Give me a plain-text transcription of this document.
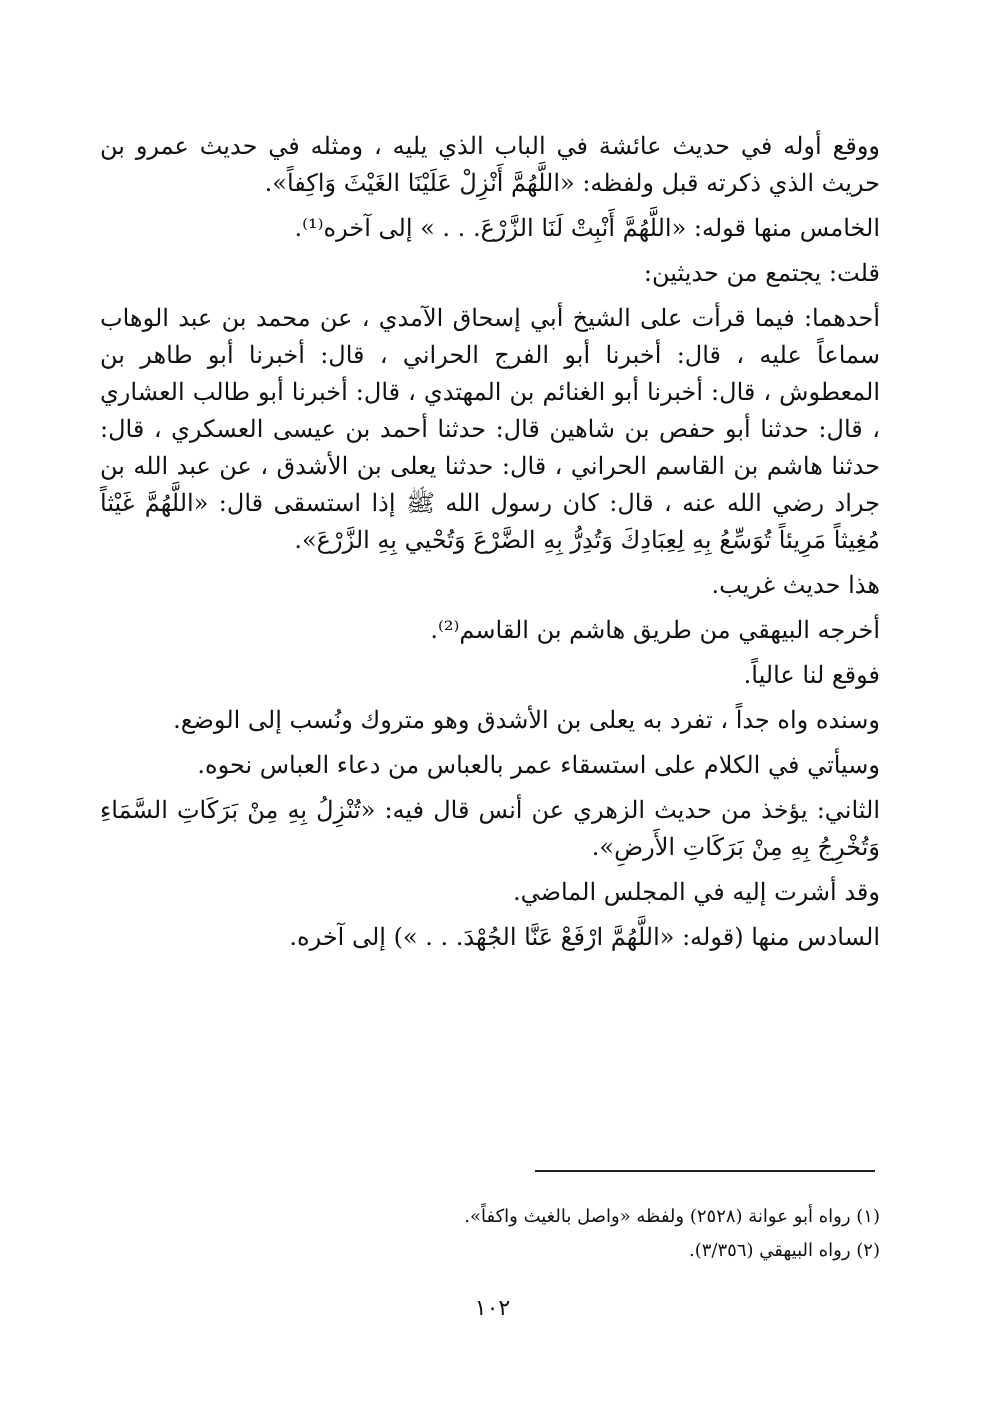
ووقع أوله في حديث عائشة في الباب الذي يليه ، ومثله في حديث عمرو بن حريث الذي ذكرته قبل ولفظه: «اللَّهُمَّ أَنْزِلْ عَلَيْنَا الغَيْثَ وَاكِفاً».

الخامس منها قوله: «اللَّهُمَّ أَنْبِتْ لَنَا الزَّرْعَ. . . » إلى آخره⁽¹⁾.

قلت: يجتمع من حديثين:

أحدهما: فيما قرأت على الشيخ أبي إسحاق الآمدي ، عن محمد بن عبد الوهاب سماعاً عليه ، قال: أخبرنا أبو الفرج الحراني ، قال: أخبرنا أبو طاهر بن المعطوش ، قال: أخبرنا أبو الغنائم بن المهتدي ، قال: أخبرنا أبو طالب العشاري ، قال: حدثنا أبو حفص بن شاهين قال: حدثنا أحمد بن عيسى العسكري ، قال: حدثنا هاشم بن القاسم الحراني ، قال: حدثنا يعلى بن الأشدق ، عن عبد الله بن جراد رضي الله عنه ، قال: كان رسول الله ﷺ إذا استسقى قال: «اللَّهُمَّ غَيْثاً مُغِيثاً مَرِيئاً تُوَسِّعُ بِهِ لِعِبَادِكَ وَتُدِرُّ بِهِ الضَّرْعَ وَتُحْيي بِهِ الزَّرْعَ».

هذا حديث غريب.

أخرجه البيهقي من طريق هاشم بن القاسم⁽²⁾.

فوقع لنا عالياً.

وسنده واه جداً ، تفرد به يعلى بن الأشدق وهو متروك ونُسب إلى الوضع.

وسيأتي في الكلام على استسقاء عمر بالعباس من دعاء العباس نحوه.

الثاني: يؤخذ من حديث الزهري عن أنس قال فيه: «تُنْزِلُ بِهِ مِنْ بَرَكَاتِ السَّمَاءِ وَتُخْرِجُ بِهِ مِنْ بَرَكَاتِ الأَرضِ».

وقد أشرت إليه في المجلس الماضي.

السادس منها (قوله: «اللَّهُمَّ ارْفَعْ عَنَّا الجُهْدَ. . . ») إلى آخره.

(١) رواه أبو عوانة (٢٥٢٨) ولفظه «واصل بالغيث واكفاً».

(٢) رواه البيهقي (٣/٣٥٦).

١٠٢
